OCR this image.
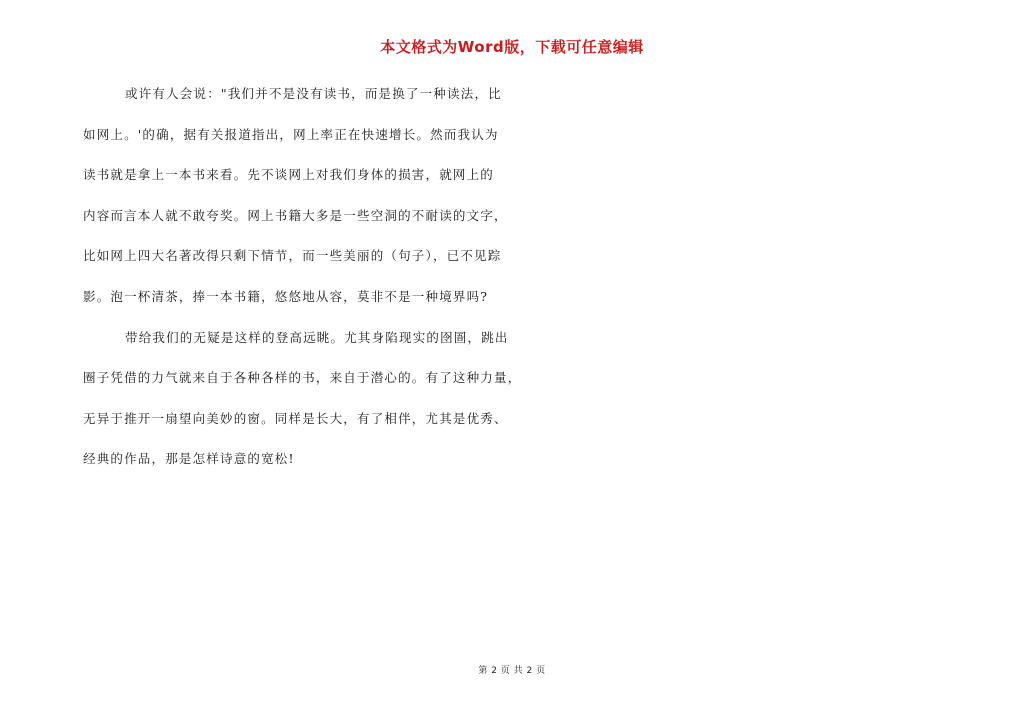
本文格式为Word版，下载可任意编辑
或许有人会说："我们并不是没有读书，而是换了一种读法，比
如网上。'的确，据有关报道指出，网上率正在快速增长。然而我认为
读书就是拿上一本书来看。先不谈网上对我们身体的损害，就网上的
内容而言本人就不敢夸奖。网上书籍大多是一些空洞的不耐读的文字，
比如网上四大名著改得只剩下情节，而一些美丽的（句子），已不见踪
影。泡一杯清茶，捧一本书籍，悠悠地从容，莫非不是一种境界吗?
带给我们的无疑是这样的登高远眺。尤其身陷现实的囹圄，跳出
圈子凭借的力气就来自于各种各样的书，来自于潜心的。有了这种力量，
无异于推开一扇望向美妙的窗。同样是长大，有了相伴，尤其是优秀、
经典的作品，那是怎样诗意的宽松!
第 2 页 共 2 页
